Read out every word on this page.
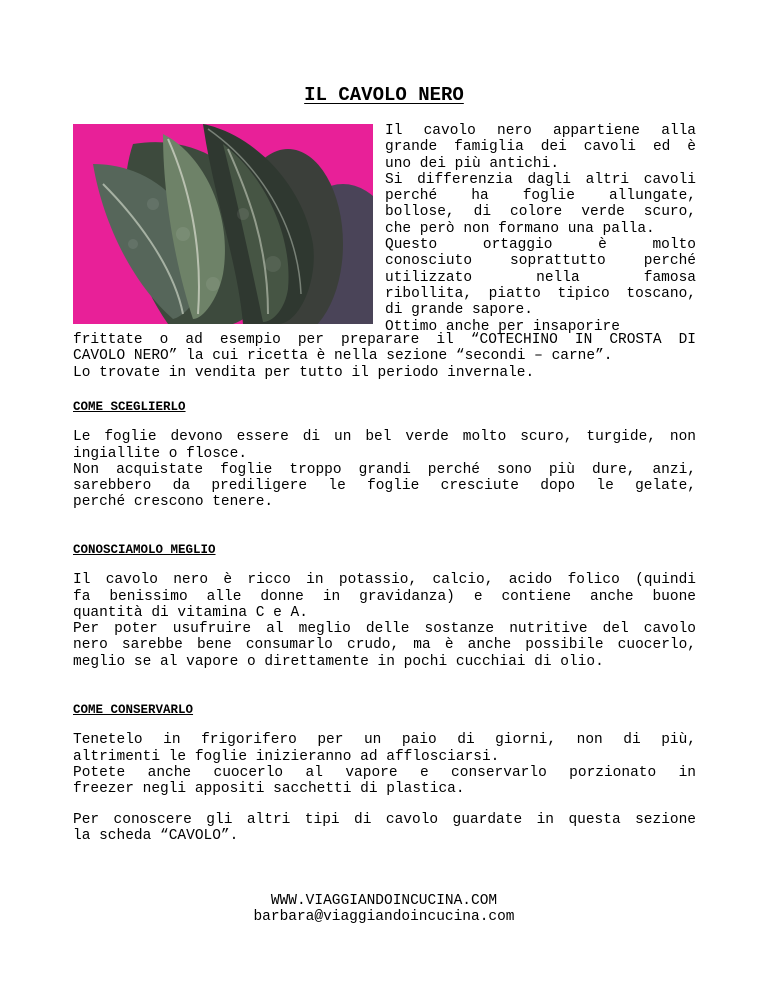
IL CAVOLO NERO
Il cavolo nero appartiene alla
grande famiglia dei cavoli ed è
uno dei più antichi.
Si differenzia dagli altri cavoli
perché ha foglie allungate,
bollose, di colore verde scuro,
che però non formano una palla.
Questo ortaggio è molto
conosciuto soprattutto perché
utilizzato nella famosa
ribollita, piatto tipico toscano,
di grande sapore.
Ottimo anche per insaporire
frittate o ad esempio per preparare il “COTECHINO IN CROSTA DI
CAVOLO NERO” la cui ricetta è nella sezione “secondi – carne”.
Lo trovate in vendita per tutto il periodo invernale.

COME SCEGLIERLO

Le foglie devono essere di un bel verde molto scuro, turgide, non
ingiallite o flosce.
Non acquistate foglie troppo grandi perché sono più dure, anzi,
sarebbero da prediligere le foglie cresciute dopo le gelate,
perché crescono tenere.

CONOSCIAMOLO MEGLIO

Il cavolo nero è ricco in potassio, calcio, acido folico (quindi
fa benissimo alle donne in gravidanza) e contiene anche buone
quantità di vitamina C e A.
Per poter usufruire al meglio delle sostanze nutritive del cavolo
nero sarebbe bene consumarlo crudo, ma è anche possibile cuocerlo,
meglio se al vapore o direttamente in pochi cucchiai di olio.

COME CONSERVARLO

Tenetelo in frigorifero per un paio di giorni, non di più,
altrimenti le foglie inizieranno ad afflosciarsi.
Potete anche cuocerlo al vapore e conservarlo porzionato in
freezer negli appositi sacchetti di plastica.
Per conoscere gli altri tipi di cavolo guardate in questa sezione
la scheda “CAVOLO”.
WWW.VIAGGIANDOINCUCINA.COM
barbara@viaggiandoincucina.com
